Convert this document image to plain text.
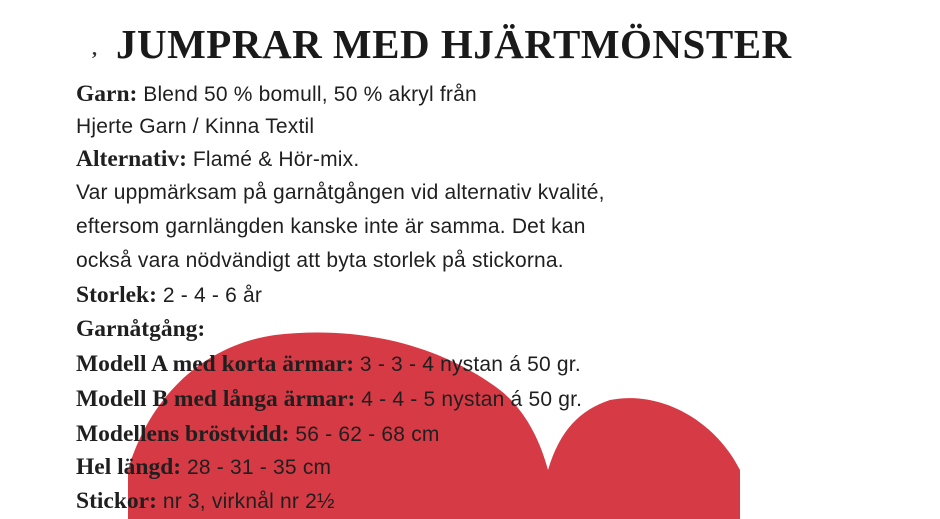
, JUMPRAR MED HJÄRTMÖNSTER

Garn: Blend 50 % bomull, 50 % akryl från

Hjerte Garn / Kinna Textil

Alternativ: Flamé & Hör-mix.

Var uppmärksam på garnåtgången vid alternativ kvalité,

eftersom garnlängden kanske inte är samma. Det kan

också vara nödvändigt att byta storlek på stickorna.

Storlek: 2 - 4 - 6 år

Garnåtgång:

Modell A med korta ärmar: 3 - 3 - 4 nystan á 50 gr.

Modell B med långa ärmar: 4 - 4 - 5 nystan á 50 gr.

Modellens bröstvidd: 56 - 62 - 68 cm

Hel längd: 28 - 31 - 35 cm

Stickor: nr 3, virknål nr 2½
